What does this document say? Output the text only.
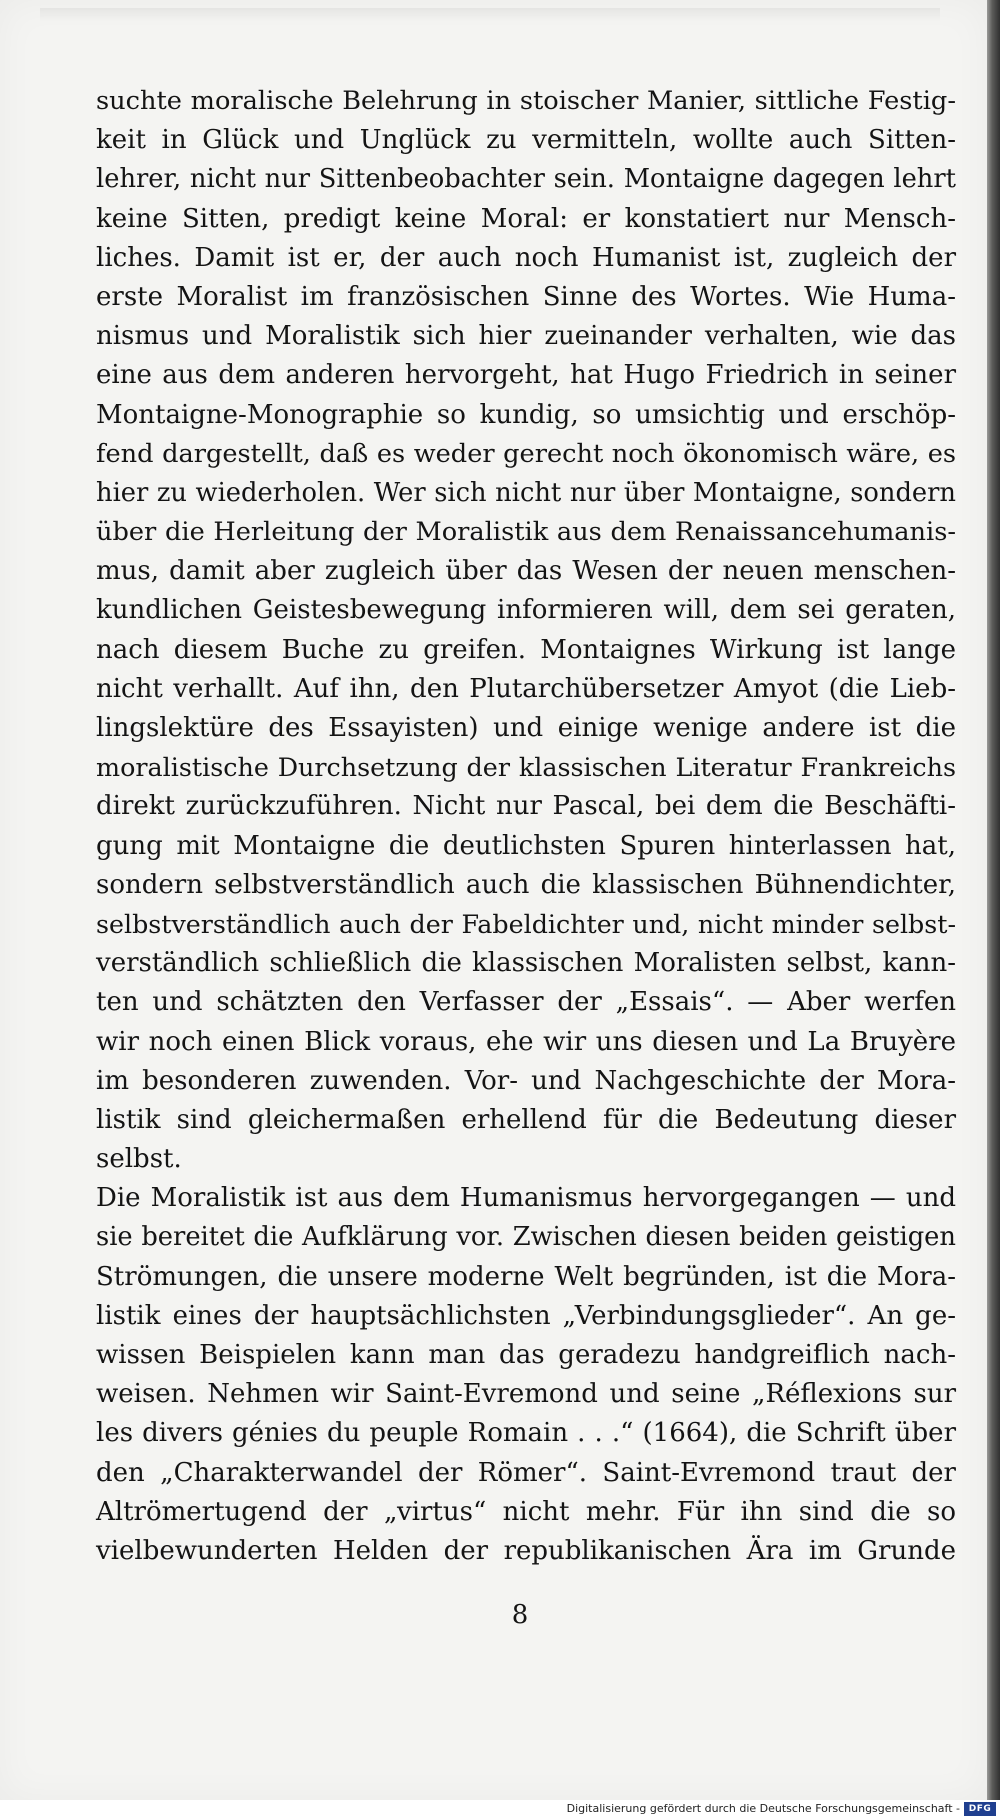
suchte moralische Belehrung in stoischer Manier, sittliche Festig-
keit in Glück und Unglück zu vermitteln, wollte auch Sitten-
lehrer, nicht nur Sittenbeobachter sein. Montaigne dagegen lehrt
keine Sitten, predigt keine Moral: er konstatiert nur Mensch-
liches. Damit ist er, der auch noch Humanist ist, zugleich der
erste Moralist im französischen Sinne des Wortes. Wie Huma-
nismus und Moralistik sich hier zueinander verhalten, wie das
eine aus dem anderen hervorgeht, hat Hugo Friedrich in seiner
Montaigne-Monographie so kundig, so umsichtig und erschöp-
fend dargestellt, daß es weder gerecht noch ökonomisch wäre, es
hier zu wiederholen. Wer sich nicht nur über Montaigne, sondern
über die Herleitung der Moralistik aus dem Renaissancehumanis-
mus, damit aber zugleich über das Wesen der neuen menschen-
kundlichen Geistesbewegung informieren will, dem sei geraten,
nach diesem Buche zu greifen. Montaignes Wirkung ist lange
nicht verhallt. Auf ihn, den Plutarchübersetzer Amyot (die Lieb-
lingslektüre des Essayisten) und einige wenige andere ist die
moralistische Durchsetzung der klassischen Literatur Frankreichs
direkt zurückzuführen. Nicht nur Pascal, bei dem die Beschäfti-
gung mit Montaigne die deutlichsten Spuren hinterlassen hat,
sondern selbstverständlich auch die klassischen Bühnendichter,
selbstverständlich auch der Fabeldichter und, nicht minder selbst-
verständlich schließlich die klassischen Moralisten selbst, kann-
ten und schätzten den Verfasser der „Essais“. — Aber werfen
wir noch einen Blick voraus, ehe wir uns diesen und La Bruyère
im besonderen zuwenden. Vor- und Nachgeschichte der Mora-
listik sind gleichermaßen erhellend für die Bedeutung dieser
selbst.
Die Moralistik ist aus dem Humanismus hervorgegangen — und
sie bereitet die Aufklärung vor. Zwischen diesen beiden geistigen
Strömungen, die unsere moderne Welt begründen, ist die Mora-
listik eines der hauptsächlichsten „Verbindungsglieder“. An ge-
wissen Beispielen kann man das geradezu handgreiflich nach-
weisen. Nehmen wir Saint-Evremond und seine „Réflexions sur
les divers génies du peuple Romain . . .“ (1664), die Schrift über
den „Charakterwandel der Römer“. Saint-Evremond traut der
Altrömertugend der „virtus“ nicht mehr. Für ihn sind die so
vielbewunderten Helden der republikanischen Ära im Grunde
8
Digitalisierung gefördert durch die Deutsche Forschungsgemeinschaft - DFG
